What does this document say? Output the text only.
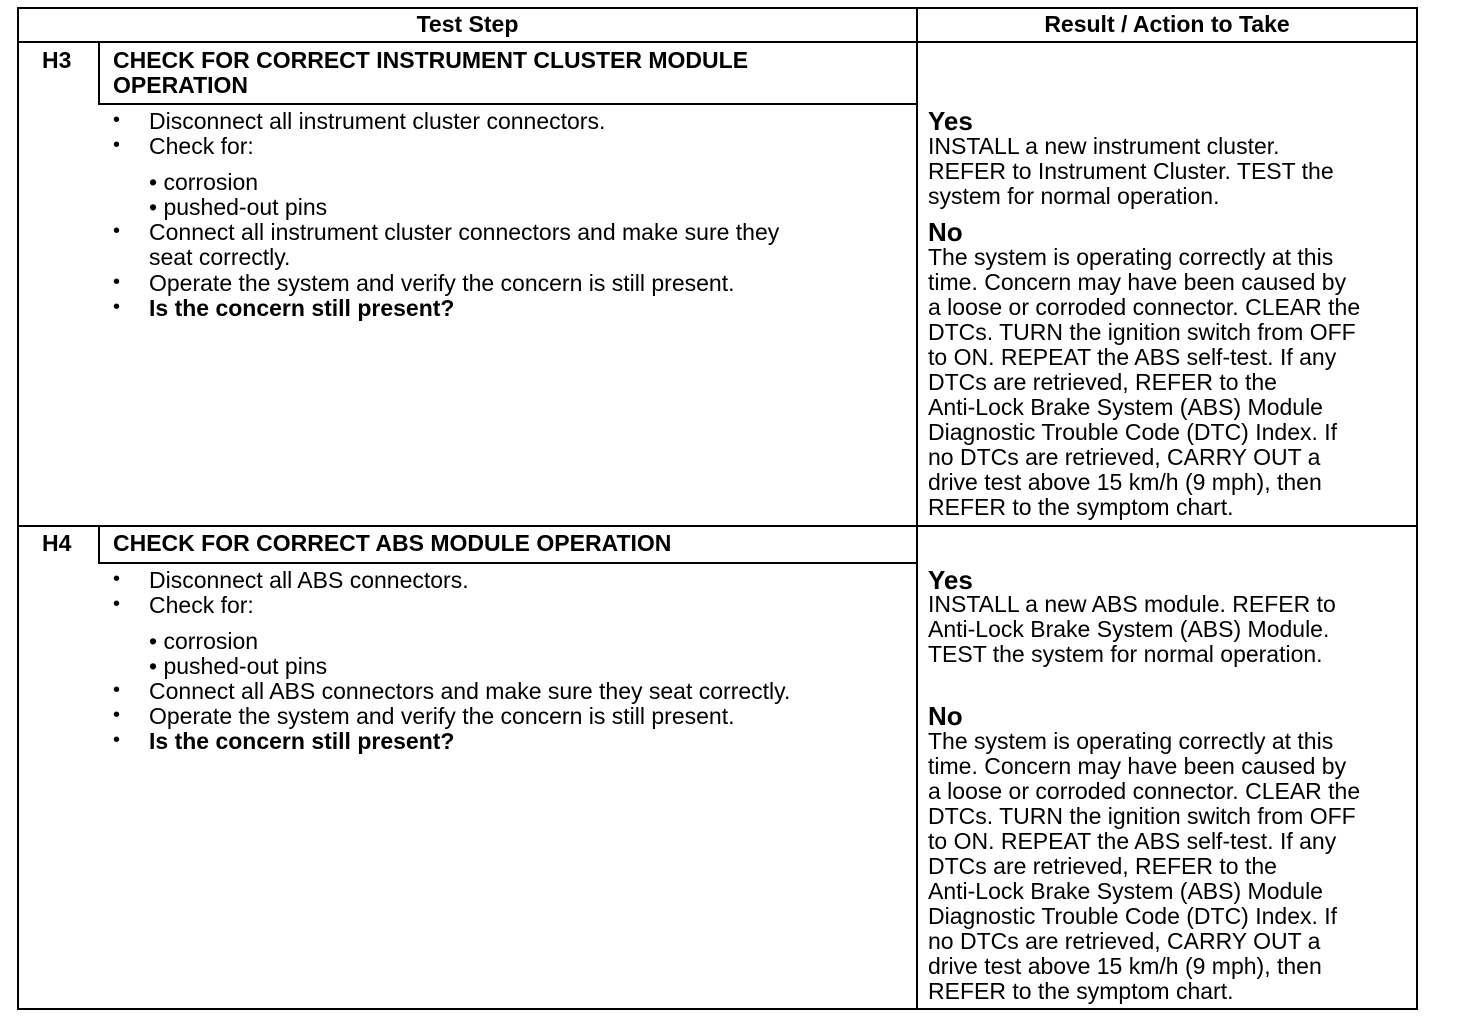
Test Step	Result / Action to Take
H3 CHECK FOR CORRECT INSTRUMENT CLUSTER MODULE
OPERATION
• Disconnect all instrument cluster connectors.
• Check for:
• corrosion
• pushed-out pins
• Connect all instrument cluster connectors and make sure they
seat correctly.
• Operate the system and verify the concern is still present.
• Is the concern still present?
Yes
INSTALL a new instrument cluster.
REFER to Instrument Cluster. TEST the
system for normal operation.
No
The system is operating correctly at this
time. Concern may have been caused by
a loose or corroded connector. CLEAR the
DTCs. TURN the ignition switch from OFF
to ON. REPEAT the ABS self-test. If any
DTCs are retrieved, REFER to the
Anti-Lock Brake System (ABS) Module
Diagnostic Trouble Code (DTC) Index. If
no DTCs are retrieved, CARRY OUT a
drive test above 15 km/h (9 mph), then
REFER to the symptom chart.
H4 CHECK FOR CORRECT ABS MODULE OPERATION
• Disconnect all ABS connectors.
• Check for:
• corrosion
• pushed-out pins
• Connect all ABS connectors and make sure they seat correctly.
• Operate the system and verify the concern is still present.
• Is the concern still present?
Yes
INSTALL a new ABS module. REFER to
Anti-Lock Brake System (ABS) Module.
TEST the system for normal operation.
No
The system is operating correctly at this
time. Concern may have been caused by
a loose or corroded connector. CLEAR the
DTCs. TURN the ignition switch from OFF
to ON. REPEAT the ABS self-test. If any
DTCs are retrieved, REFER to the
Anti-Lock Brake System (ABS) Module
Diagnostic Trouble Code (DTC) Index. If
no DTCs are retrieved, CARRY OUT a
drive test above 15 km/h (9 mph), then
REFER to the symptom chart.
